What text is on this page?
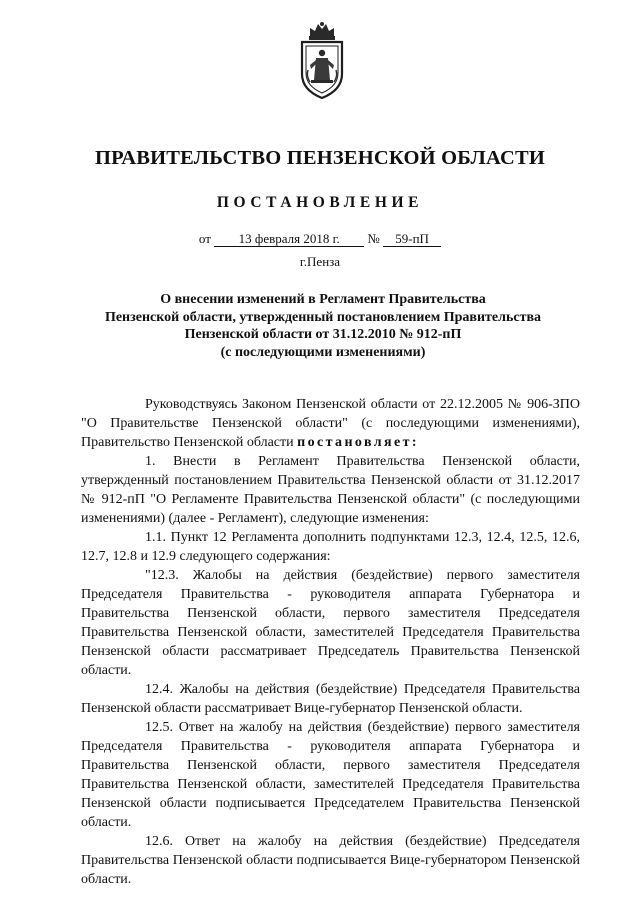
ПРАВИТЕЛЬСТВО ПЕНЗЕНСКОЙ ОБЛАСТИ
ПОСТАНОВЛЕНИЕ
от 13 февраля 2018 г. № 59-пП
г.Пенза
О внесении изменений в Регламент Правительства
Пензенской области, утвержденный постановлением Правительства
Пензенской области от 31.12.2010 № 912-пП
(с последующими изменениями)

Руководствуясь Законом Пензенской области от 22.12.2005 № 906-ЗПО "О Правительстве Пензенской области" (с последующими изменениями), Правительство Пензенской области постановляет:

1. Внести в Регламент Правительства Пензенской области, утвержденный постановлением Правительства Пензенской области от 31.12.2017 № 912-пП "О Регламенте Правительства Пензенской области" (с последующими изменениями) (далее - Регламент), следующие изменения:

1.1. Пункт 12 Регламента дополнить подпунктами 12.3, 12.4, 12.5, 12.6, 12.7, 12.8 и 12.9 следующего содержания:

"12.3. Жалобы на действия (бездействие) первого заместителя Председателя Правительства - руководителя аппарата Губернатора и Правительства Пензенской области, первого заместителя Председателя Правительства Пензенской области, заместителей Председателя Правительства Пензенской области рассматривает Председатель Правительства Пензенской области.

12.4. Жалобы на действия (бездействие) Председателя Правительства Пензенской области рассматривает Вице-губернатор Пензенской области.

12.5. Ответ на жалобу на действия (бездействие) первого заместителя Председателя Правительства - руководителя аппарата Губернатора и Правительства Пензенской области, первого заместителя Председателя Правительства Пензенской области, заместителей Председателя Правительства Пензенской области подписывается Председателем Правительства Пензенской области.

12.6. Ответ на жалобу на действия (бездействие) Председателя Правительства Пензенской области подписывается Вице-губернатором Пензенской области.
